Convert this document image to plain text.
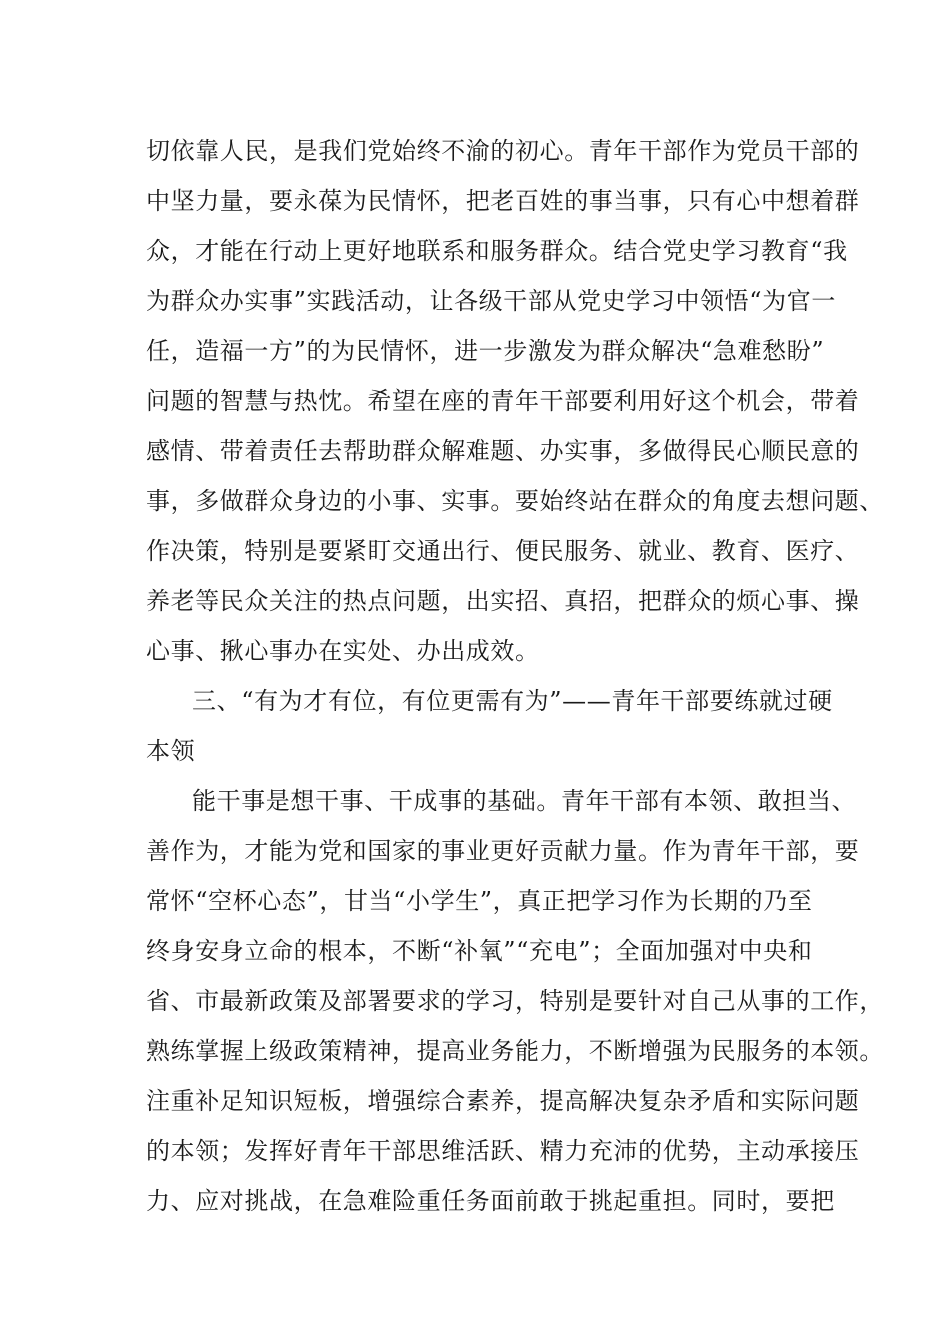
切依靠人民，是我们党始终不渝的初心。青年干部作为党员干部的
中坚力量，要永葆为民情怀，把老百姓的事当事，只有心中想着群
众，才能在行动上更好地联系和服务群众。结合党史学习教育“我
为群众办实事”实践活动，让各级干部从党史学习中领悟“为官一
任，造福一方”的为民情怀，进一步激发为群众解决“急难愁盼”
问题的智慧与热忱。希望在座的青年干部要利用好这个机会，带着
感情、带着责任去帮助群众解难题、办实事，多做得民心顺民意的
事，多做群众身边的小事、实事。要始终站在群众的角度去想问题、
作决策，特别是要紧盯交通出行、便民服务、就业、教育、医疗、
养老等民众关注的热点问题，出实招、真招，把群众的烦心事、操
心事、揪心事办在实处、办出成效。
三、“有为才有位，有位更需有为”——青年干部要练就过硬
本领
能干事是想干事、干成事的基础。青年干部有本领、敢担当、
善作为，才能为党和国家的事业更好贡献力量。作为青年干部，要
常怀“空杯心态”，甘当“小学生”，真正把学习作为长期的乃至
终身安身立命的根本，不断“补氧”“充电”；全面加强对中央和
省、市最新政策及部署要求的学习，特别是要针对自己从事的工作，
熟练掌握上级政策精神，提高业务能力，不断增强为民服务的本领。
注重补足知识短板，增强综合素养，提高解决复杂矛盾和实际问题
的本领；发挥好青年干部思维活跃、精力充沛的优势，主动承接压
力、应对挑战，在急难险重任务面前敢于挑起重担。同时，要把
